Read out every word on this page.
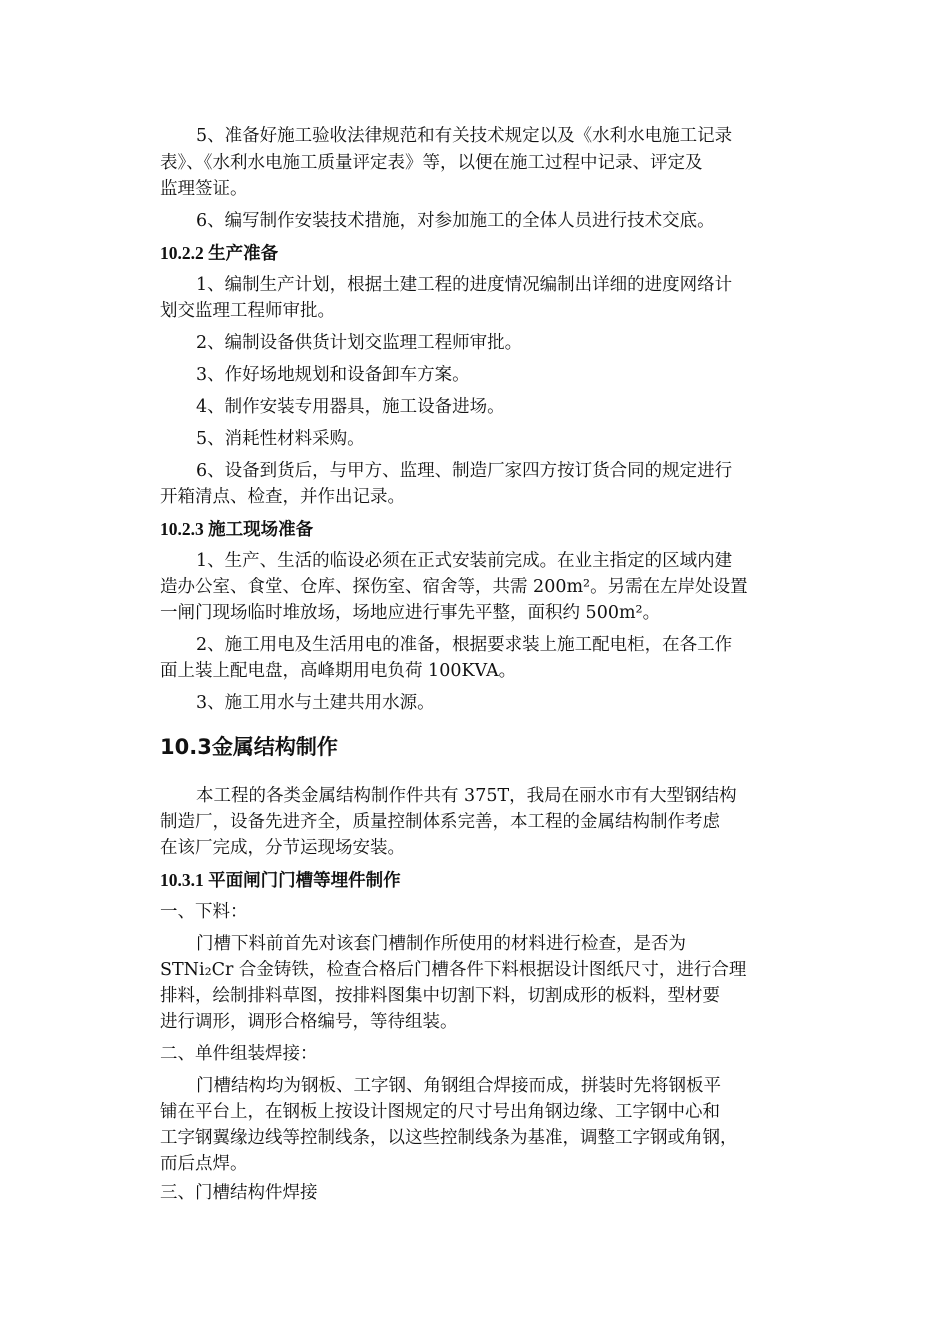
5、准备好施工验收法律规范和有关技术规定以及《水利水电施工记录
表》、《水利水电施工质量评定表》等，以便在施工过程中记录、评定及
监理签证。
6、编写制作安装技术措施，对参加施工的全体人员进行技术交底。
10.2.2 生产准备
1、编制生产计划，根据土建工程的进度情况编制出详细的进度网络计
划交监理工程师审批。
2、编制设备供货计划交监理工程师审批。
3、作好场地规划和设备卸车方案。
4、制作安装专用器具，施工设备进场。
5、消耗性材料采购。
6、设备到货后，与甲方、监理、制造厂家四方按订货合同的规定进行
开箱清点、检查，并作出记录。
10.2.3 施工现场准备
1、生产、生活的临设必须在正式安装前完成。在业主指定的区域内建
造办公室、食堂、仓库、探伤室、宿舍等，共需 200m²。另需在左岸处设置
一闸门现场临时堆放场，场地应进行事先平整，面积约 500m²。
2、施工用电及生活用电的准备，根据要求装上施工配电柜，在各工作
面上装上配电盘，高峰期用电负荷 100KVA。
3、施工用水与土建共用水源。
10.3金属结构制作
本工程的各类金属结构制作件共有 375T，我局在丽水市有大型钢结构
制造厂，设备先进齐全，质量控制体系完善，本工程的金属结构制作考虑
在该厂完成，分节运现场安装。
10.3.1 平面闸门门槽等埋件制作
一、下料：
门槽下料前首先对该套门槽制作所使用的材料进行检查，是否为
STNi₂Cr 合金铸铁，检查合格后门槽各件下料根据设计图纸尺寸，进行合理
排料，绘制排料草图，按排料图集中切割下料，切割成形的板料，型材要
进行调形，调形合格编号，等待组装。
二、单件组装焊接：
门槽结构均为钢板、工字钢、角钢组合焊接而成，拼装时先将钢板平
铺在平台上，在钢板上按设计图规定的尺寸号出角钢边缘、工字钢中心和
工字钢翼缘边线等控制线条，以这些控制线条为基准，调整工字钢或角钢，
而后点焊。
三、门槽结构件焊接
